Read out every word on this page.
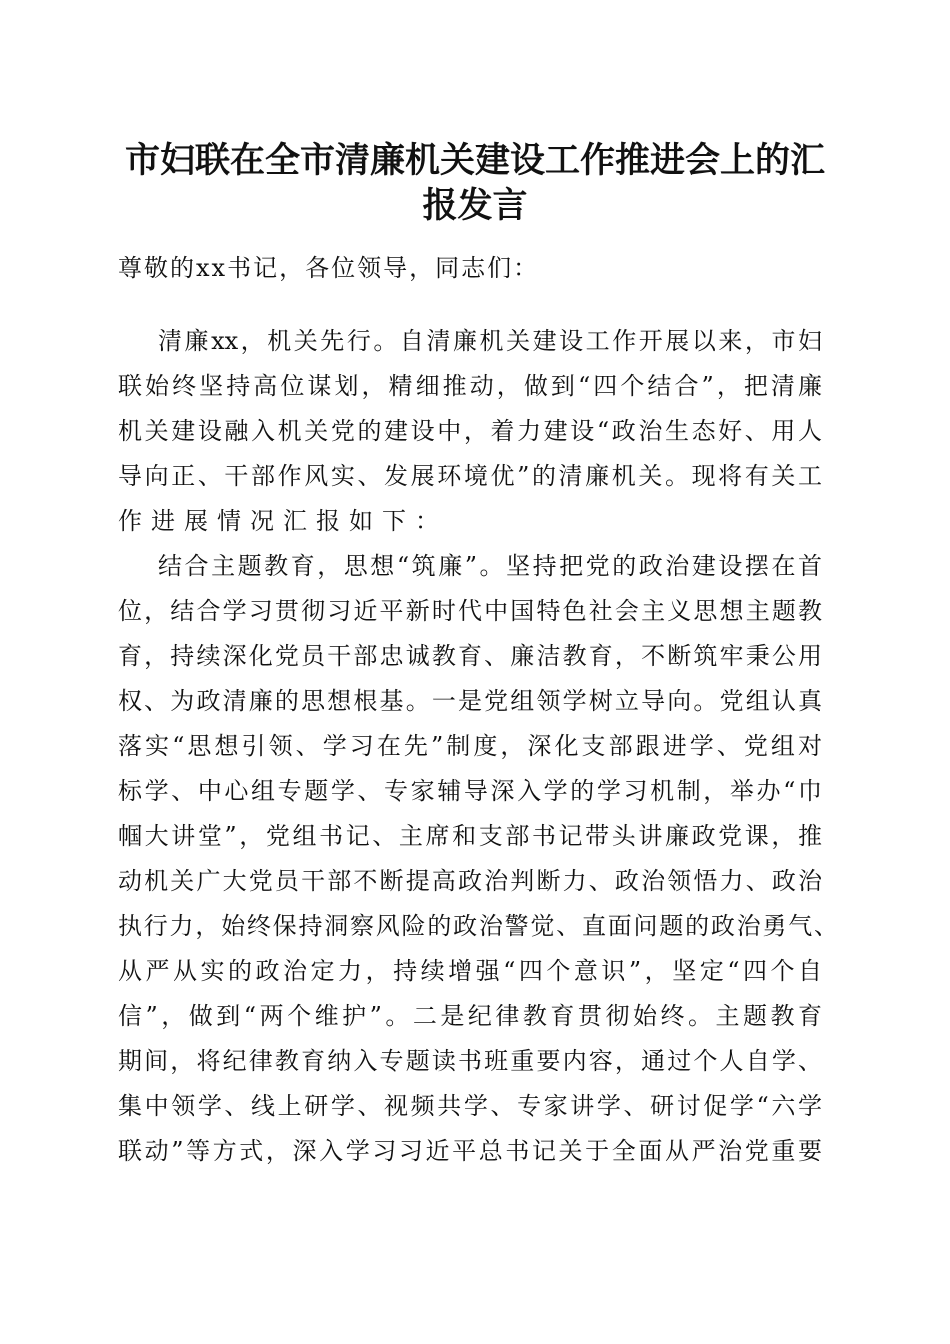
市妇联在全市清廉机关建设工作推进会上的汇
报发言
尊敬的xx书记，各位领导，同志们：
清廉xx，机关先行。自清廉机关建设工作开展以来，市妇
联始终坚持高位谋划，精细推动，做到“四个结合”，把清廉
机关建设融入机关党的建设中，着力建设“政治生态好、用人
导向正、干部作风实、发展环境优”的清廉机关。现将有关工
作进展情况汇报如下：
结合主题教育，思想“筑廉”。坚持把党的政治建设摆在首
位，结合学习贯彻习近平新时代中国特色社会主义思想主题教
育，持续深化党员干部忠诚教育、廉洁教育，不断筑牢秉公用
权、为政清廉的思想根基。一是党组领学树立导向。党组认真
落实“思想引领、学习在先”制度，深化支部跟进学、党组对
标学、中心组专题学、专家辅导深入学的学习机制，举办“巾
帼大讲堂”，党组书记、主席和支部书记带头讲廉政党课，推
动机关广大党员干部不断提高政治判断力、政治领悟力、政治
执行力，始终保持洞察风险的政治警觉、直面问题的政治勇气、
从严从实的政治定力，持续增强“四个意识”，坚定“四个自
信”，做到“两个维护”。二是纪律教育贯彻始终。主题教育
期间，将纪律教育纳入专题读书班重要内容，通过个人自学、
集中领学、线上研学、视频共学、专家讲学、研讨促学“六学
联动”等方式，深入学习习近平总书记关于全面从严治党重要
